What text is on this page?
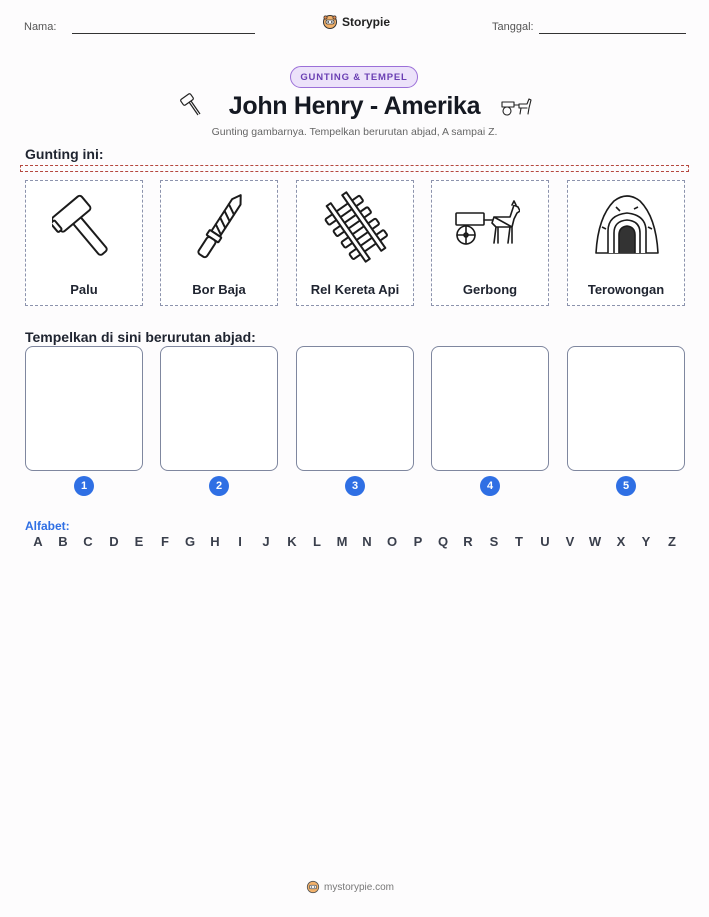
Nama:	Storypie	Tanggal:
GUNTING & TEMPEL
John Henry - Amerika
Gunting gambarnya. Tempelkan berurutan abjad, A sampai Z.
Gunting ini:
Palu	Bor Baja	Rel Kereta Api	Gerbong	Terowongan
Tempelkan di sini berurutan abjad:
1	2	3	4	5
Alfabet:
A	B	C	D	E	F	G	H	I	J	K	L	M	N	O	P	Q	R	S	T	U	V	W	X	Y	Z
mystorypie.com
